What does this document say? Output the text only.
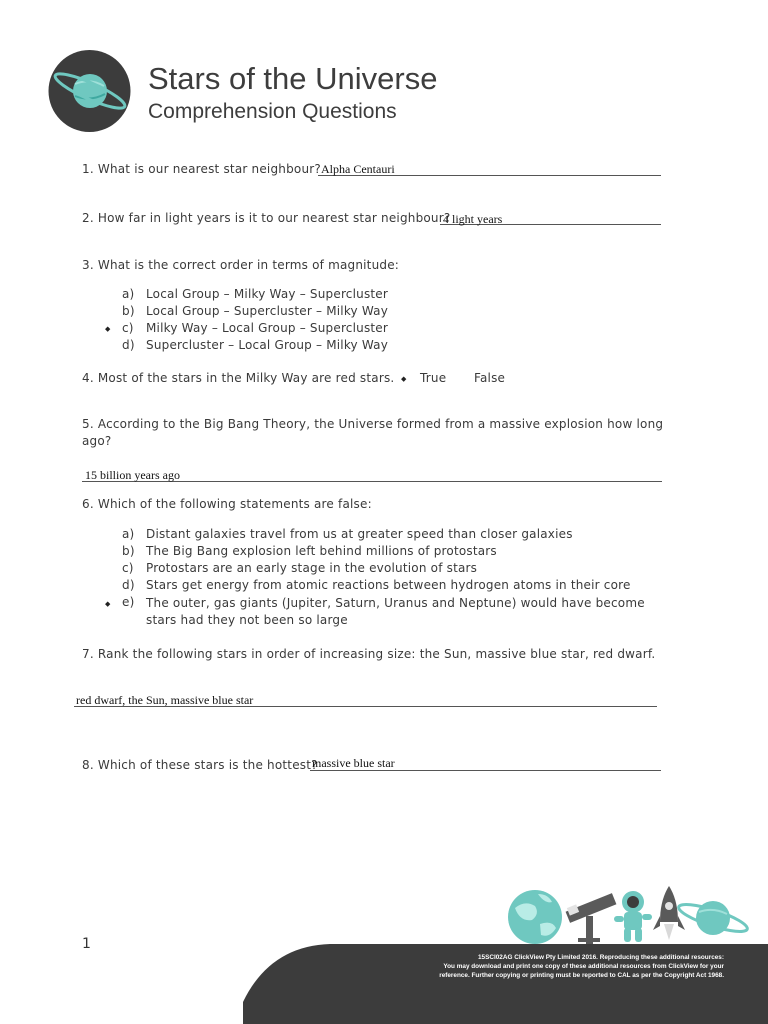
Stars of the Universe
Comprehension Questions
1. What is our nearest star neighbour? Alpha Centauri
2. How far in light years is it to our nearest star neighbour?
4 light years
3. What is the correct order in terms of magnitude:
a) Local Group – Milky Way – Supercluster
b) Local Group – Supercluster – Milky Way
◆ c) Milky Way – Local Group – Supercluster
d) Supercluster – Local Group – Milky Way
4. Most of the stars in the Milky Way are red stars. ◆ True False
5. According to the Big Bang Theory, the Universe formed from a massive explosion how long ago?
15 billion years ago
6. Which of the following statements are false:
a) Distant galaxies travel from us at greater speed than closer galaxies
b) The Big Bang explosion left behind millions of protostars
c) Protostars are an early stage in the evolution of stars
d) Stars get energy from atomic reactions between hydrogen atoms in their core
◆ e) The outer, gas giants (Jupiter, Saturn, Uranus and Neptune) would have become stars had they not been so large
7. Rank the following stars in order of increasing size: the Sun, massive blue star, red dwarf.
red dwarf, the Sun, massive blue star
8. Which of these stars is the hottest?
massive blue star
1
15SCI02AG ClickView Pty Limited 2016. Reproducing these additional resources:
You may download and print one copy of these additional resources from ClickView for your
reference. Further copying or printing must be reported to CAL as per the Copyright Act 1968.
